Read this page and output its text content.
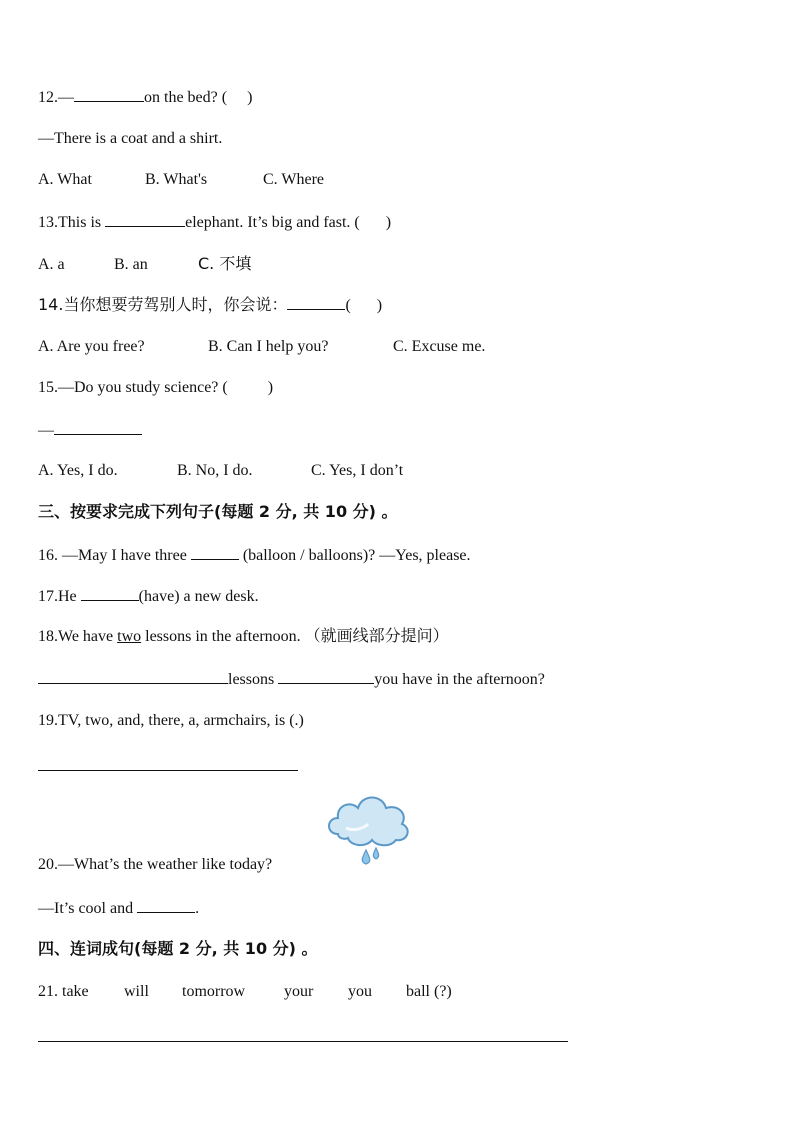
12.—	on the bed? ( )
—There is a coat and a shirt.
A. What	B. What's	C. Where
13.This is	elephant. It’s big and fast. ( )
A. a	B. an	C. 不填
14.当你想要劳驾别人时，你会说：	( )
A. Are you free?	B. Can I help you?	C. Excuse me.
15.—Do you study science? (	)
—
A. Yes, I do.	B. No, I do.	C. Yes, I don’t
三、按要求完成下列句子(每题 2 分, 共 10 分) 。
16. —May I have three	(balloon / balloons)? —Yes, please.
17.He	(have) a new desk.
18.We have two lessons in the afternoon. （就画线部分提问）
lessons	you have in the afternoon?
19.TV, two, and, there, a, armchairs, is (.)
20.—What’s the weather like today?
—It’s cool and	.
四、连词成句(每题 2 分, 共 10 分) 。
21. take will tomorrow your you ball (?)
